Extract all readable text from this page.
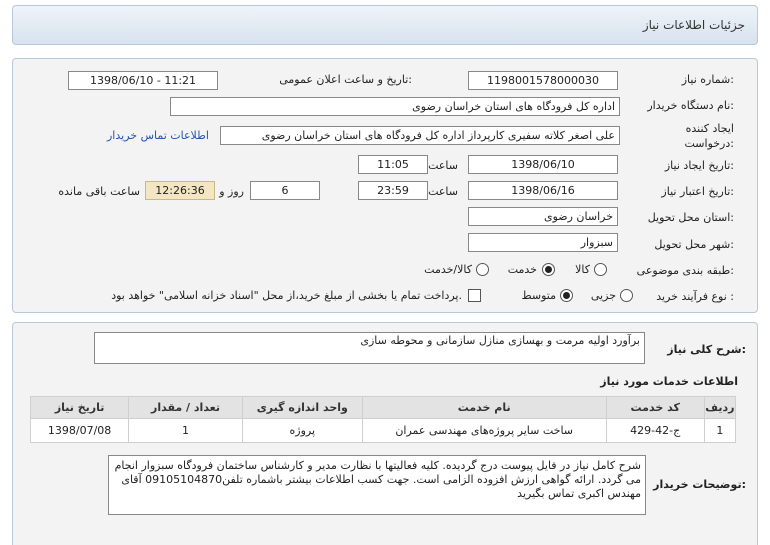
جزئیات اطلاعات نیاز
شماره نیاز:
1198001578000030
تاریخ و ساعت اعلان عمومی:
1398/06/10 - 11:21
نام دستگاه خریدار:
اداره کل فرودگاه های استان خراسان رضوی
ایجاد کننده
درخواست:
علی اصغر کلاته سفیری کارپرداز اداره کل فرودگاه های استان خراسان رضوی
اطلاعات تماس خریدار
تاریخ ایجاد نیاز:
1398/06/10
ساعت
11:05
تاریخ اعتبار نیاز:
1398/06/16
ساعت
23:59
6
روز و
12:26:36
ساعت باقی مانده
استان محل تحویل:
خراسان رضوی
شهر محل تحویل:
سبزوار
طبقه بندی موضوعی:
کالا
خدمت
کالا/خدمت
نوع فرآیند خرید :
جزیی
متوسط
پرداخت تمام یا بخشی از مبلغ خرید،از محل "اسناد خزانه اسلامی" خواهد بود.
شرح کلی نیاز:
برآورد اولیه مرمت و بهسازی منازل سازمانی و محوطه سازی
اطلاعات خدمات مورد نیاز
ردیف	کد خدمت	نام خدمت	واحد اندازه گیری	تعداد / مقدار	تاریخ نیاز
1	ج-42-429	ساخت سایر پروژه‌های مهندسی عمران	پروژه	1	1398/07/08
توضیحات خریدار:
شرح کامل نیاز در فایل پیوست درج گردیده. کلیه فعالیتها با نظارت مدیر و کارشناس ساختمان فرودگاه سبزوار انجام می گردد. ارائه گواهی ارزش افزوده الزامی است. جهت کسب اطلاعات بیشتر باشماره تلفن09105104870 آقای مهندس اکبری تماس بگیرید
